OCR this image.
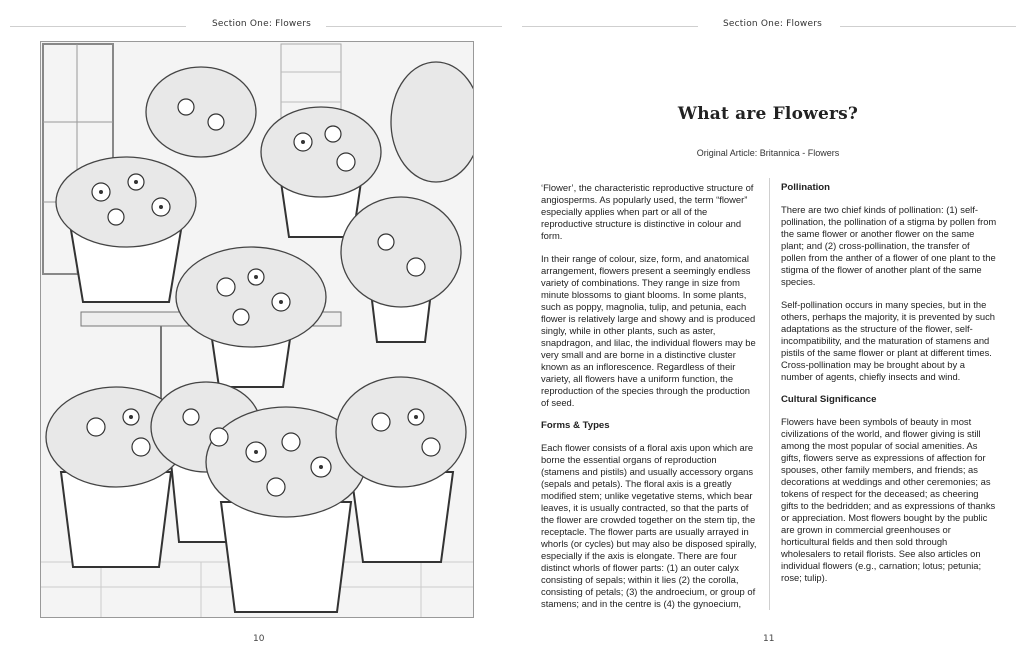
Section One: Flowers
10
Section One: Flowers
What are Flowers?
Original Article: Britannica - Flowers

‘Flower’, the characteristic reproductive structure of angiosperms. As popularly used, the term “flower” especially applies when part or all of the reproductive structure is distinctive in colour and form.

In their range of colour, size, form, and anatomical arrangement, flowers present a seemingly endless variety of combinations. They range in size from minute blossoms to giant blooms. In some plants, such as poppy, magnolia, tulip, and petunia, each flower is relatively large and showy and is produced singly, while in other plants, such as aster, snapdragon, and lilac, the individual flowers may be very small and are borne in a distinctive cluster known as an inflorescence. Regardless of their variety, all flowers have a uniform function, the reproduction of the species through the production of seed.

Forms & Types

Each flower consists of a floral axis upon which are borne the essential organs of reproduction (stamens and pistils) and usually accessory organs (sepals and petals). The floral axis is a greatly modified stem; unlike vegetative stems, which bear leaves, it is usually contracted, so that the parts of the flower are crowded together on the stem tip, the receptacle. The flower parts are usually arrayed in whorls (or cycles) but may also be disposed spirally, especially if the axis is elongate. There are four distinct whorls of flower parts: (1) an outer calyx consisting of sepals; within it lies (2) the corolla, consisting of petals; (3) the androecium, or group of stamens; and in the centre is (4) the gynoecium,

Pollination

There are two chief kinds of pollination: (1) self-pollination, the pollination of a stigma by pollen from the same flower or another flower on the same plant; and (2) cross-pollination, the transfer of pollen from the anther of a flower of one plant to the stigma of the flower of another plant of the same species.

Self-pollination occurs in many species, but in the others, perhaps the majority, it is prevented by such adaptations as the structure of the flower, self-incompatibility, and the maturation of stamens and pistils of the same flower or plant at different times. Cross-pollination may be brought about by a number of agents, chiefly insects and wind.

Cultural Significance

Flowers have been symbols of beauty in most civilizations of the world, and flower giving is still among the most popular of social amenities. As gifts, flowers serve as expressions of affection for spouses, other family members, and friends; as decorations at weddings and other ceremonies; as tokens of respect for the deceased; as cheering gifts to the bedridden; and as expressions of thanks or appreciation. Most flowers bought by the public are grown in commercial greenhouses or horticultural fields and then sold through wholesalers to retail florists. See also articles on individual flowers (e.g., carnation; lotus; petunia; rose; tulip).

11
